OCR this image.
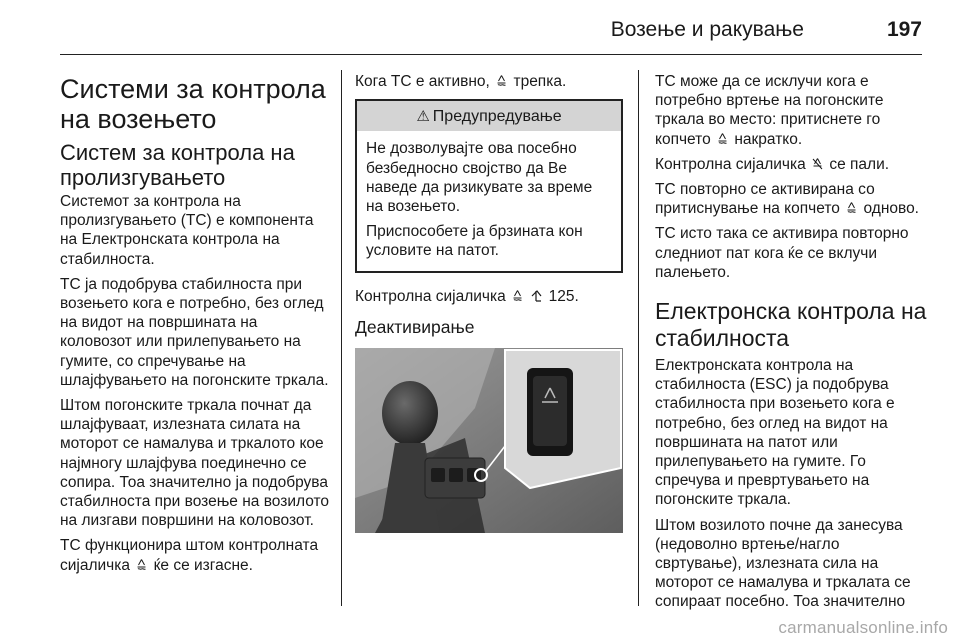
Возење и ракување	197
Системи за контрола на возењето
Систем за контрола на пролизгувањето

Системот за контрола на пролизгувањето (TC) е компонента на Електронската контрола на стабилноста.

TC ја подобрува стабилноста при возењето кога е потребно, без оглед на видот на површината на коловозот или прилепувањето на гумите, со спречување на шлајфувањето на погонските тркала.

Штом погонските тркала почнат да шлајфуваат, излезната силата на моторот се намалува и тркалото кое најмногу шлајфува поединечно се сопира. Тоа значително ја подобрува стабилноста при возење на возилото на лизгави површини на коловозот.

TC функционира штом контролната сијаличка ќе се изгасне.

Кога TC е активно, трепка.

⚠ Предупредување

Не дозволувајте ова посебно безбедносно својство да Ве наведе да ризикувате за време на возењето.

Приспособете ја брзината кон условите на патот.

Контролна сијаличка	125.

Деактивирање

TC може да се исклучи кога е потребно вртење на погонските тркала во место: притиснете го копчето накратко.

Контролна сијаличка се пали.

TC повторно се активирана со притиснување на копчето одново.

TC исто така се активира повторно следниот пат кога ќе се вклучи палењето.

Електронска контрола на стабилноста

Електронската контрола на стабилноста (ESC) ја подобрува стабилноста при возењето кога е потребно, без оглед на видот на површината на патот или прилепувањето на гумите. Го спречува и превртувањето на погонските тркала.

Штом возилото почне да занесува (недоволно вртење/нагло свртување), излезната сила на моторот се намалува и тркалата се сопираат посебно. Тоа значително

carmanualsonline.info
